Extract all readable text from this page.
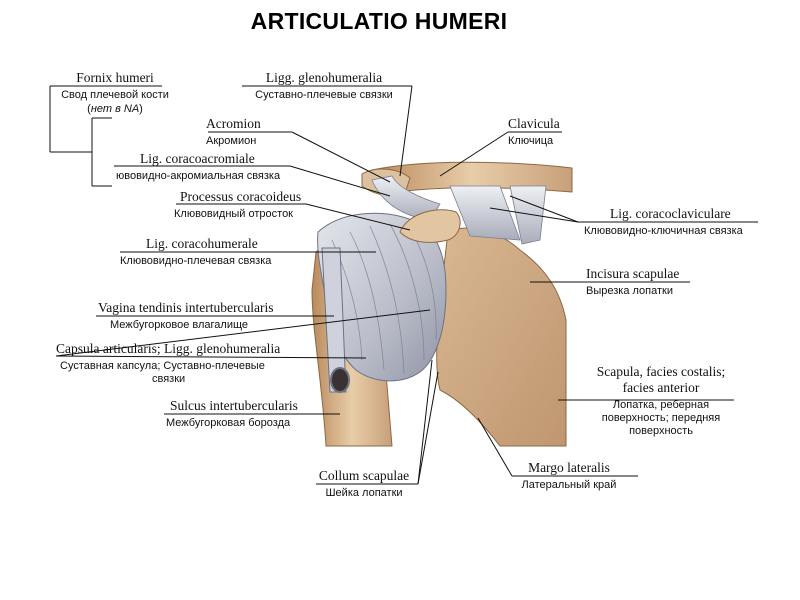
ARTICULATIO HUMERI
Fornix humeri
Свод плечевой кости
(нет в NA)
Ligg. glenohumeralia
Суставно-плечевые связки
Acromion
Акромион
Clavicula
Ключица
Lig. coracoacromiale
ювовидно-акромиальная связка
Processus coracoideus
Клювовидный отросток	Lig. coracoclaviculare
Клювовидно-ключичная связка
Lig. coracohumerale
Клювовидно-плечевая связка
Incisura scapulae
Вырезка лопатки
Vagina tendinis intertubercularis
Межбугорковое влагалище
Capsula articularis; Ligg. glenohumeralia
Суставная капсула; Суставно-плечевые
связки	Scapula, facies costalis;
facies anterior
Лопатка, реберная
поверхность; передняя
поверхность
Sulcus intertubercularis
Межбугорковая борозда
Collum scapulae
Шейка лопатки
Margo lateralis
Латеральный край
